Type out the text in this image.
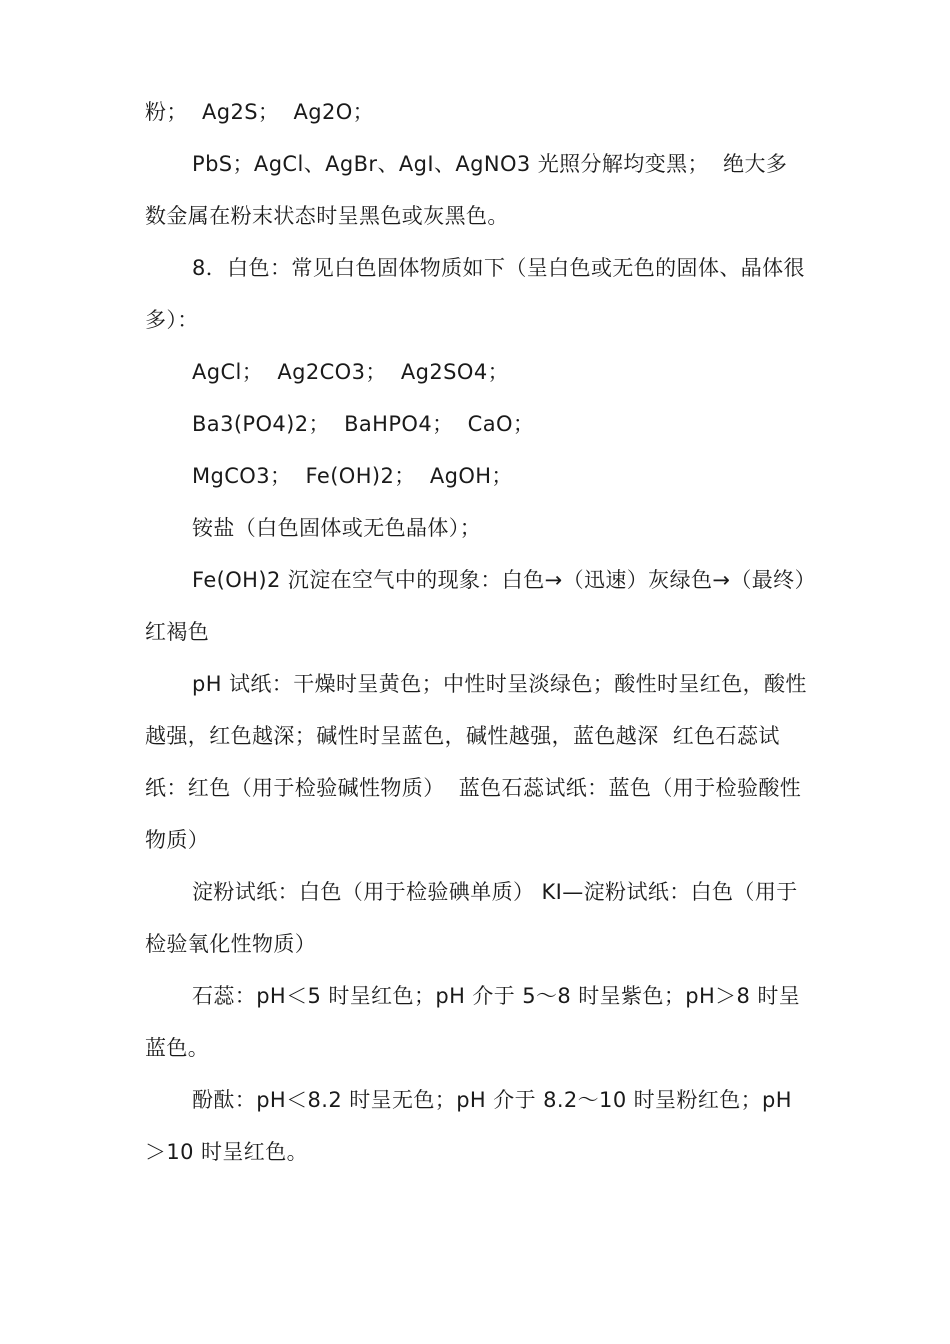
粉；  Ag2S；  Ag2O；

PbS；AgCl、AgBr、AgI、AgNO3 光照分解均变黑；  绝大多数金属在粉末状态时呈黑色或灰黑色。

8．白色：常见白色固体物质如下（呈白色或无色的固体、晶体很多）：

AgCl；  Ag2CO3；  Ag2SO4；

Ba3(PO4)2；  BaHPO4；  CaO；

MgCO3；  Fe(OH)2；  AgOH；

铵盐（白色固体或无色晶体）；

Fe(OH)2 沉淀在空气中的现象：白色→（迅速）灰绿色→（最终）红褐色

pH 试纸：干燥时呈黄色；中性时呈淡绿色；酸性时呈红色，酸性越强，红色越深；碱性时呈蓝色，碱性越强，蓝色越深  红色石蕊试纸：红色（用于检验碱性物质）  蓝色石蕊试纸：蓝色（用于检验酸性物质）

淀粉试纸：白色（用于检验碘单质） KI—淀粉试纸：白色（用于检验氧化性物质）

石蕊：pH＜5 时呈红色；pH 介于 5～8 时呈紫色；pH＞8 时呈蓝色。

酚酞：pH＜8.2 时呈无色；pH 介于 8.2～10 时呈粉红色；pH＞10 时呈红色。
